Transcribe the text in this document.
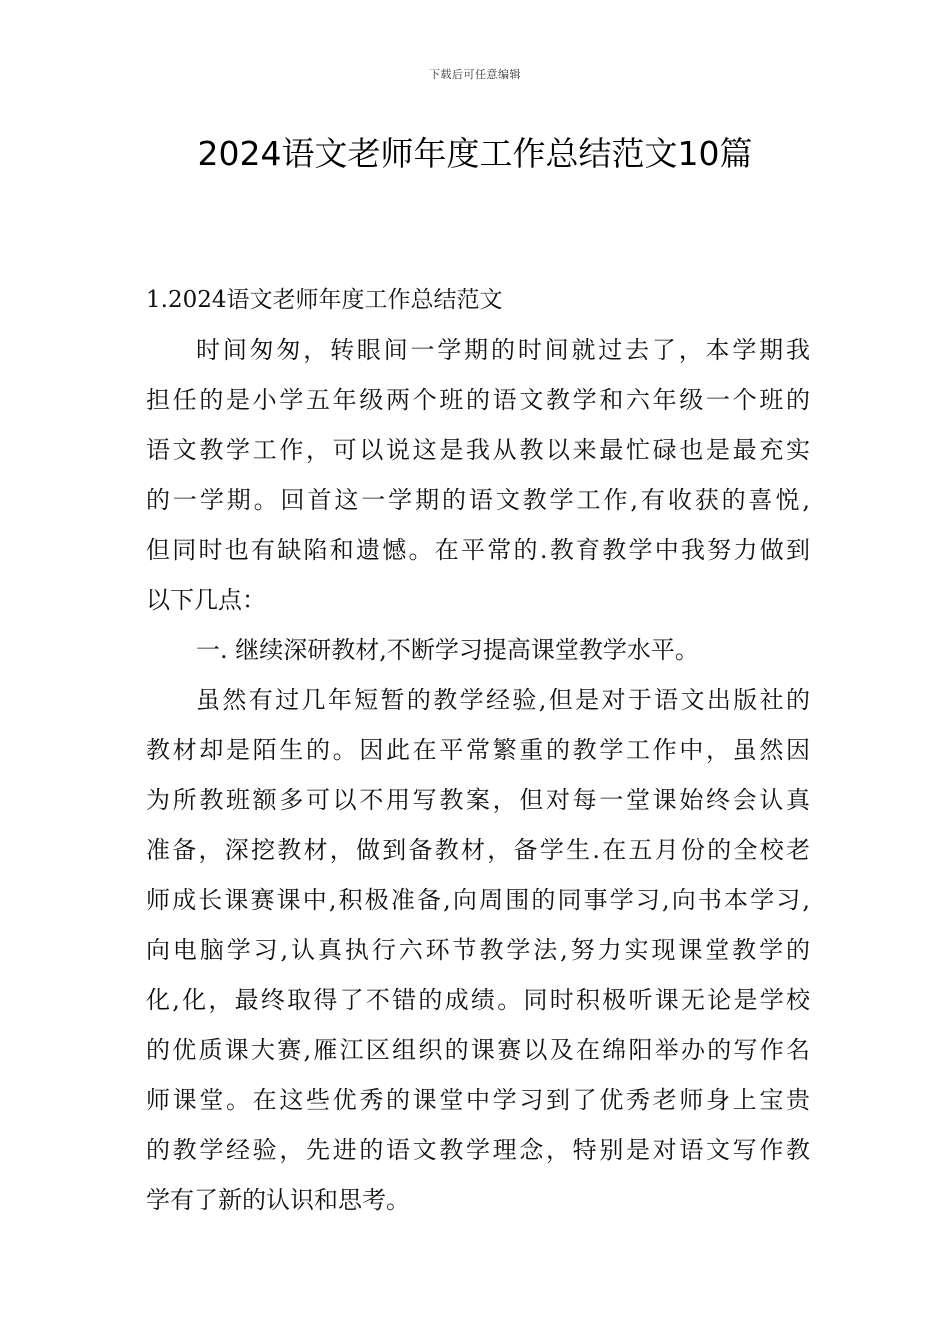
下载后可任意编辑
2024语文老师年度工作总结范文10篇
1.2024语文老师年度工作总结范文
时间匆匆，转眼间一学期的时间就过去了，本学期我
担任的是小学五年级两个班的语文教学和六年级一个班的
语文教学工作，可以说这是我从教以来最忙碌也是最充实
的一学期。回首这一学期的语文教学工作,有收获的喜悦,
但同时也有缺陷和遗憾。在平常的.教育教学中我努力做到
以下几点：
一. 继续深研教材,不断学习提高课堂教学水平。
虽然有过几年短暂的教学经验,但是对于语文出版社的
教材却是陌生的。因此在平常繁重的教学工作中，虽然因
为所教班额多可以不用写教案，但对每一堂课始终会认真
准备，深挖教材，做到备教材，备学生.在五月份的全校老
师成长课赛课中,积极准备,向周围的同事学习,向书本学习,
向电脑学习,认真执行六环节教学法,努力实现课堂教学的
化,化，最终取得了不错的成绩。同时积极听课无论是学校
的优质课大赛,雁江区组织的课赛以及在绵阳举办的写作名
师课堂。在这些优秀的课堂中学习到了优秀老师身上宝贵
的教学经验，先进的语文教学理念，特别是对语文写作教
学有了新的认识和思考。
